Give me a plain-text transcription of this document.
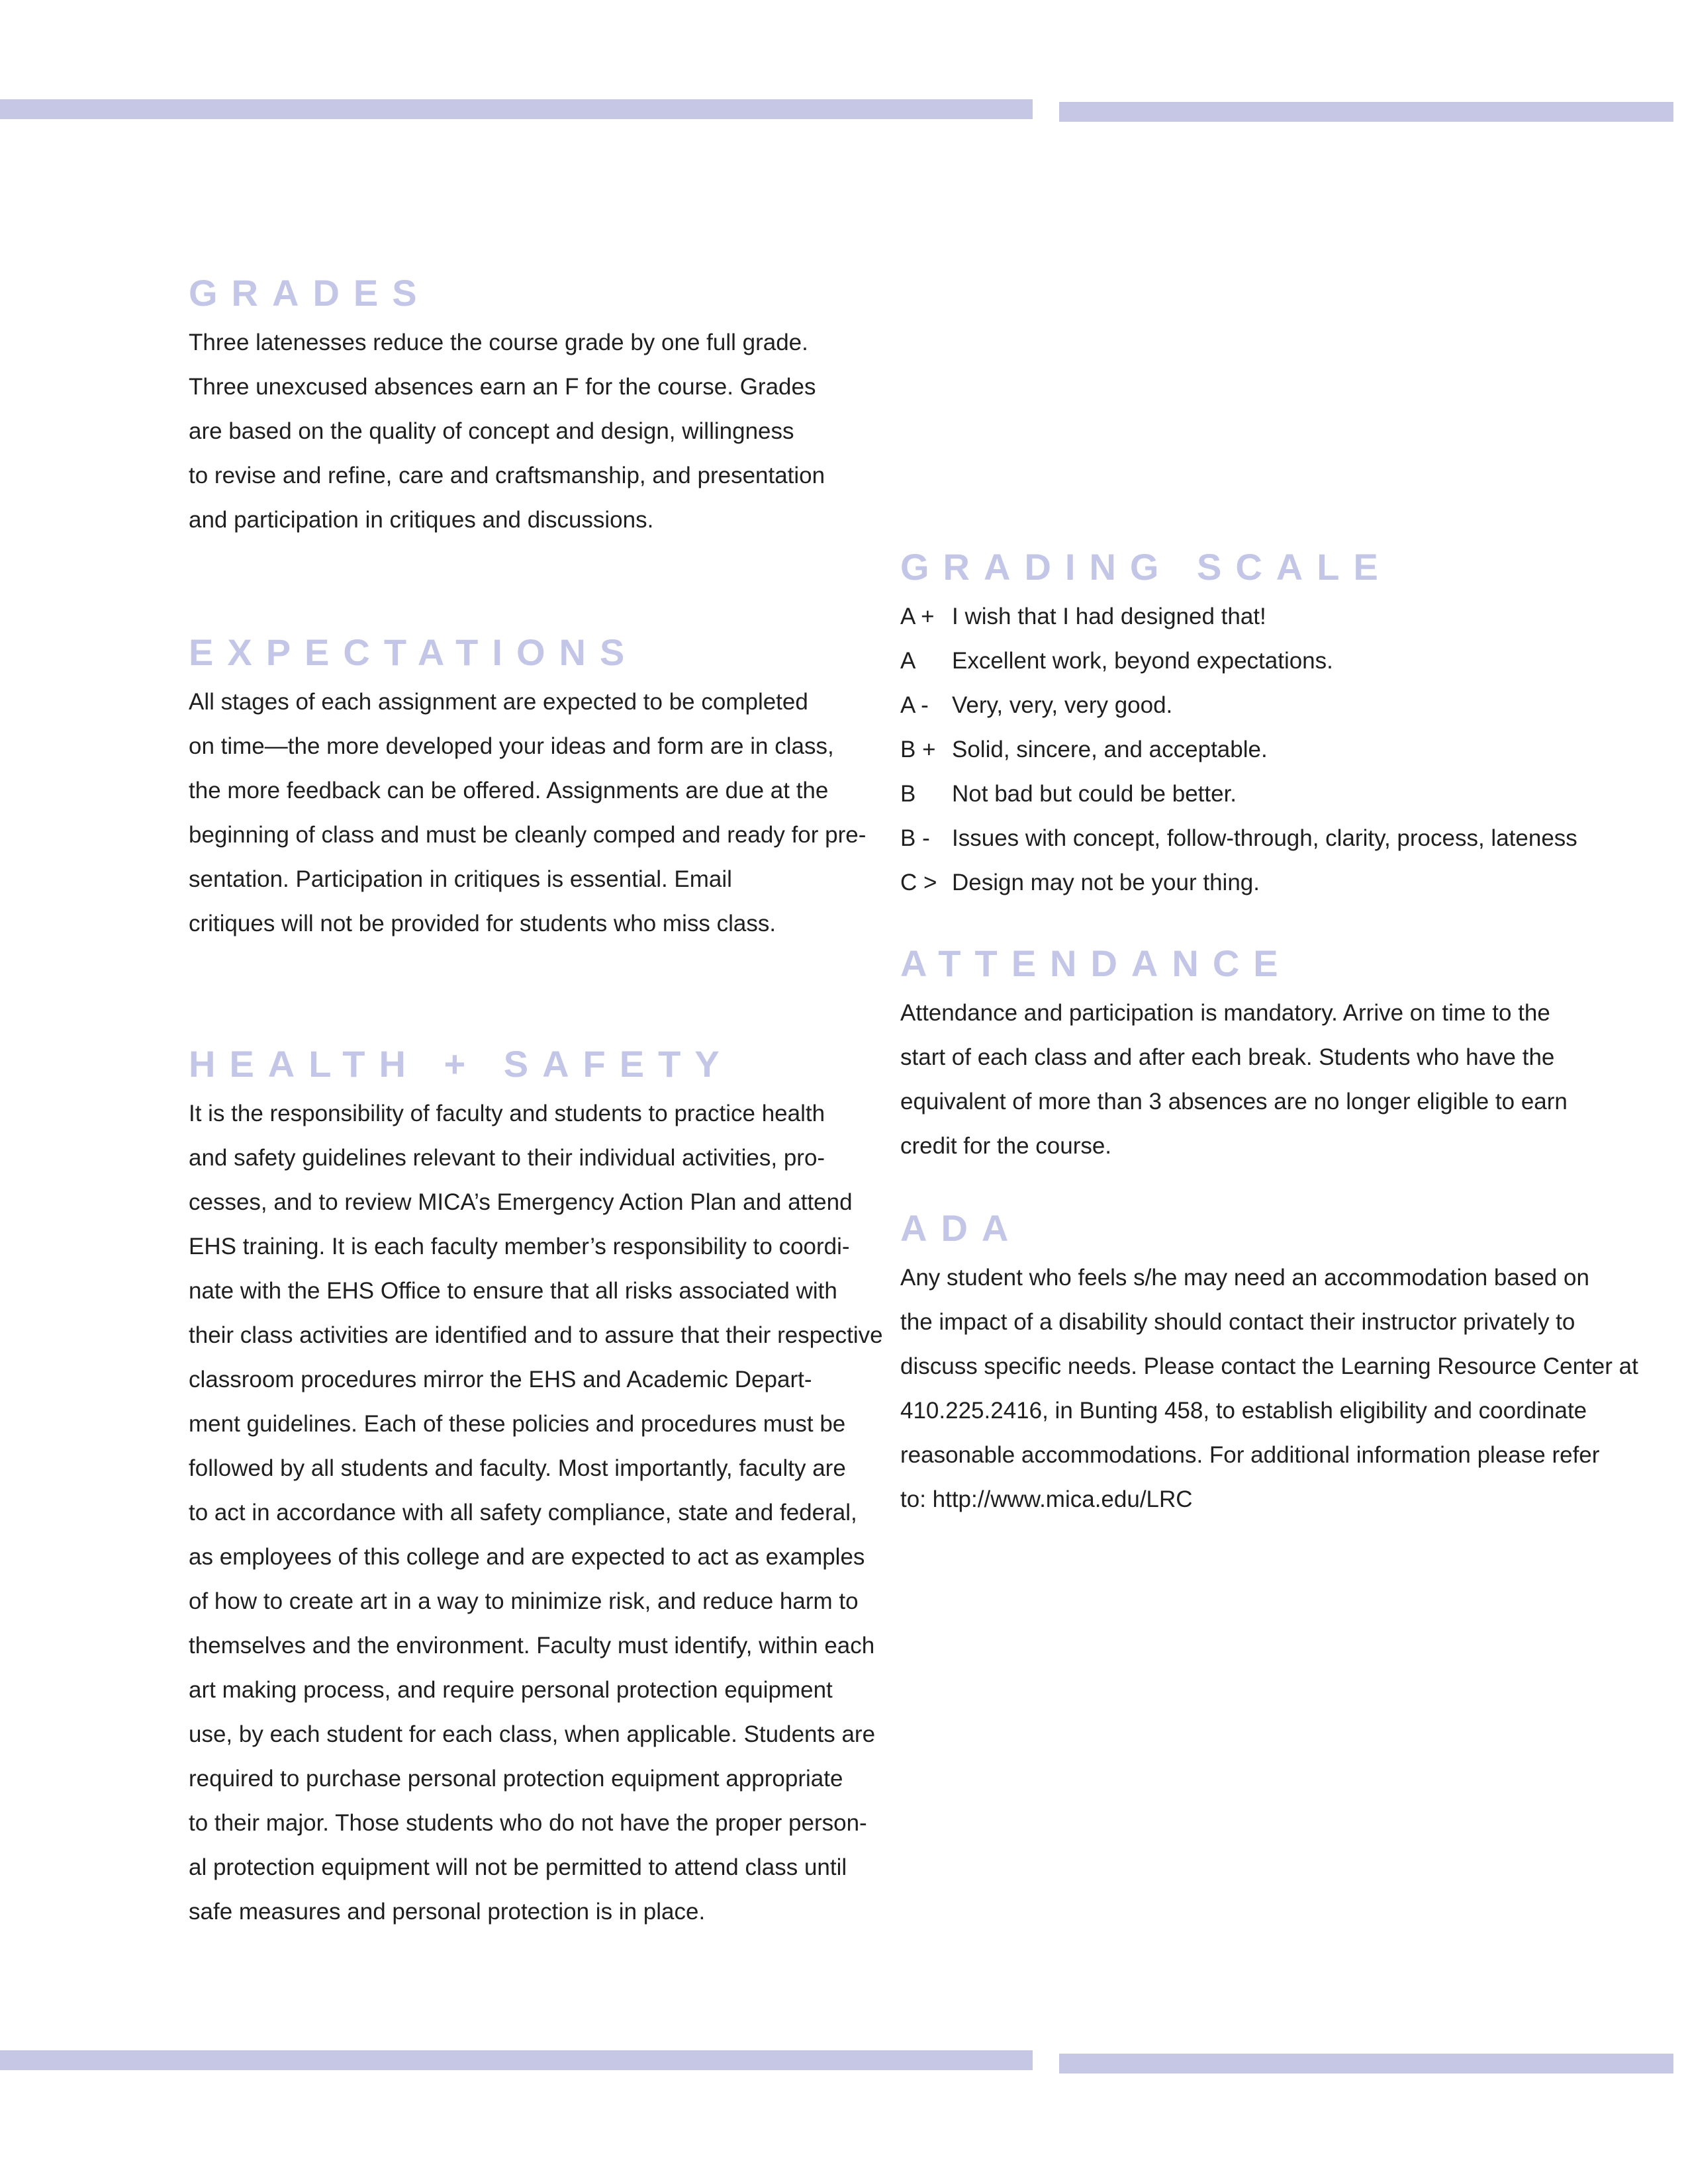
GRADES
Three latenesses reduce the course grade by one full grade.
Three unexcused absences earn an F for the course. Grades
are based on the quality of concept and design, willingness
to revise and refine, care and craftsmanship, and presentation
and participation in critiques and discussions.
EXPECTATIONS
All stages of each assignment are expected to be completed
on time—the more developed your ideas and form are in class,
the more feedback can be offered. Assignments are due at the
beginning of class and must be cleanly comped and ready for pre-
sentation. Participation in critiques is essential. Email
critiques will not be provided for students who miss class.
HEALTH + SAFETY
It is the responsibility of faculty and students to practice health
and safety guidelines relevant to their individual activities, pro-
cesses, and to review MICA’s Emergency Action Plan and attend
EHS training. It is each faculty member’s responsibility to coordi-
nate with the EHS Office to ensure that all risks associated with
their class activities are identified and to assure that their respective
classroom procedures mirror the EHS and Academic Depart-
ment guidelines. Each of these policies and procedures must be
followed by all students and faculty. Most importantly, faculty are
to act in accordance with all safety compliance, state and federal,
as employees of this college and are expected to act as examples
of how to create art in a way to minimize risk, and reduce harm to
themselves and the environment. Faculty must identify, within each
art making process, and require personal protection equipment
use, by each student for each class, when applicable. Students are
required to purchase personal protection equipment appropriate
to their major. Those students who do not have the proper person-
al protection equipment will not be permitted to attend class until
safe measures and personal protection is in place.
GRADING SCALE
A + I wish that I had designed that!
A	Excellent work, beyond expectations.
A -	Very, very, very good.
B + Solid, sincere, and acceptable.
B	Not bad but could be better.
B - Issues with concept, follow-through, clarity, process, lateness
C > Design may not be your thing.
ATTENDANCE
Attendance and participation is mandatory. Arrive on time to the
start of each class and after each break. Students who have the
equivalent of more than 3 absences are no longer eligible to earn
credit for the course.
ADA
Any student who feels s/he may need an accommodation based on
the impact of a disability should contact their instructor privately to
discuss specific needs. Please contact the Learning Resource Center at
410.225.2416, in Bunting 458, to establish eligibility and coordinate
reasonable accommodations. For additional information please refer
to: http://www.mica.edu/LRC
